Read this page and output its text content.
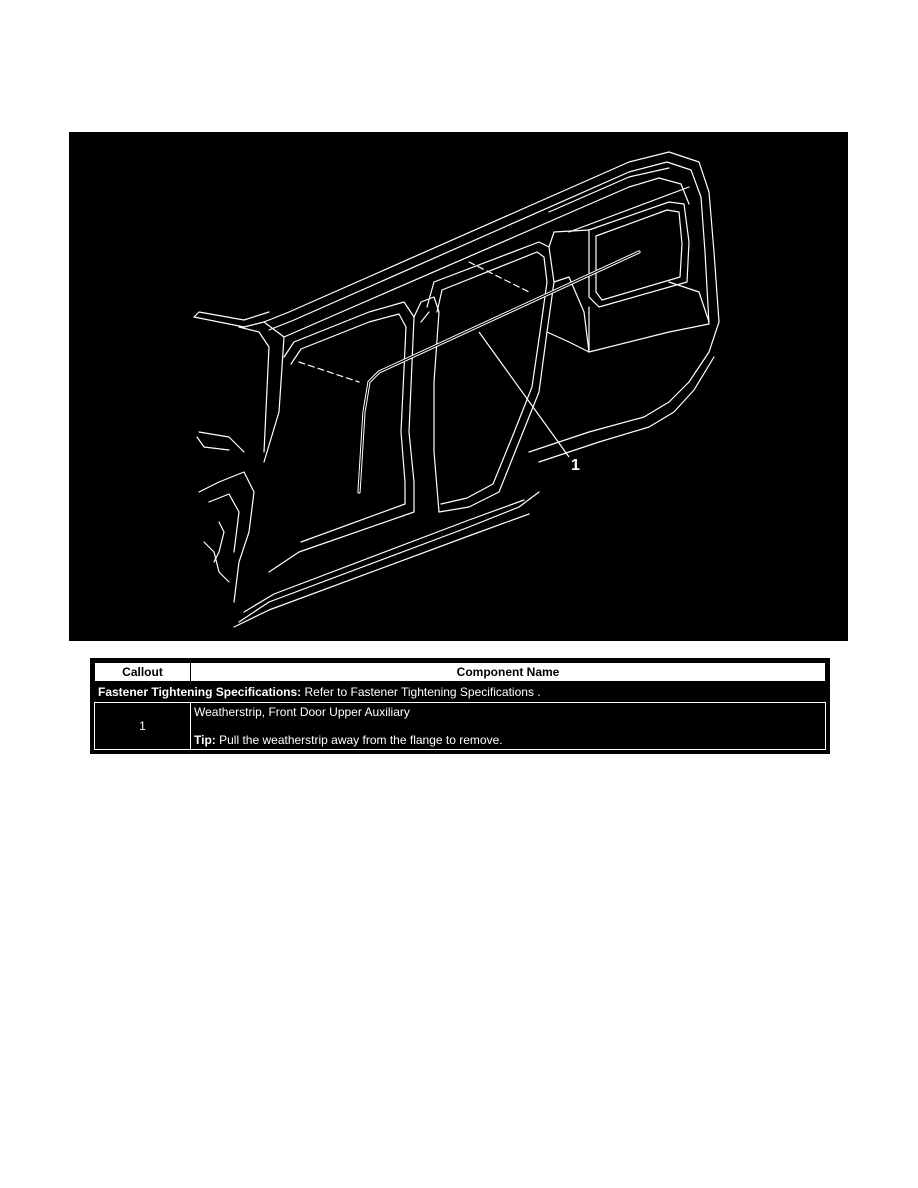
1
Callout	Component Name
Fastener Tightening Specifications: Refer to Fastener Tightening Specifications .	
1	Weatherstrip, Front Door Upper Auxiliary
Tip: Pull the weatherstrip away from the flange to remove.
